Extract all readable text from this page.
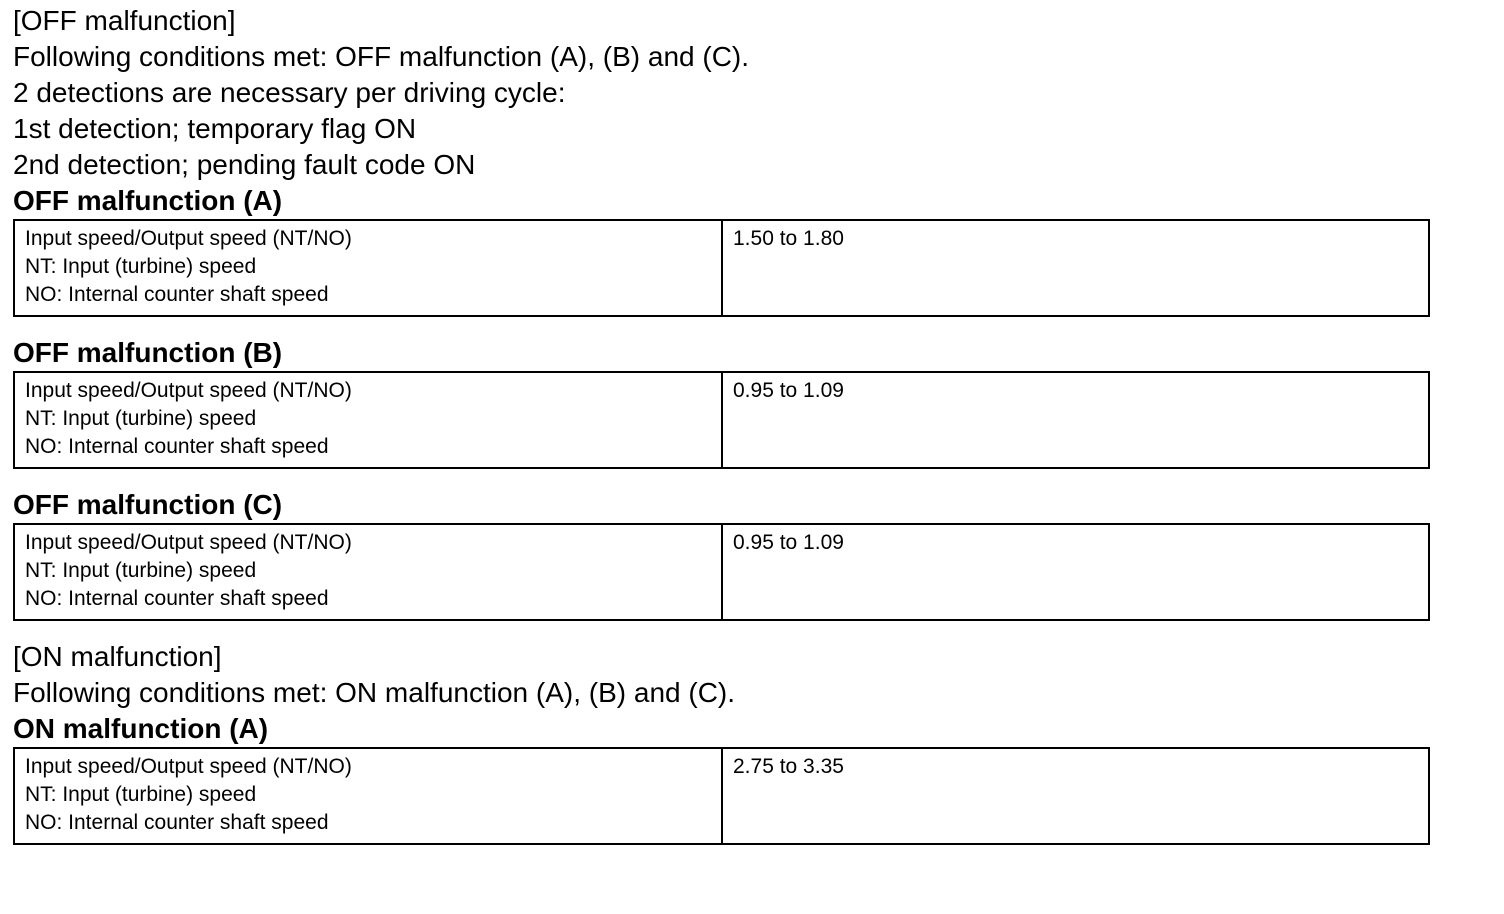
[OFF malfunction]
Following conditions met: OFF malfunction (A), (B) and (C).
2 detections are necessary per driving cycle:
1st detection; temporary flag ON
2nd detection; pending fault code ON
OFF malfunction (A)
Input speed/Output speed (NT/NO)
NT: Input (turbine) speed
NO: Internal counter shaft speed
	1.50 to 1.80
OFF malfunction (B)
Input speed/Output speed (NT/NO)
NT: Input (turbine) speed
NO: Internal counter shaft speed
	0.95 to 1.09
OFF malfunction (C)
Input speed/Output speed (NT/NO)
NT: Input (turbine) speed
NO: Internal counter shaft speed
	0.95 to 1.09
[ON malfunction]
Following conditions met: ON malfunction (A), (B) and (C).
ON malfunction (A)
Input speed/Output speed (NT/NO)
NT: Input (turbine) speed
NO: Internal counter shaft speed
	2.75 to 3.35
